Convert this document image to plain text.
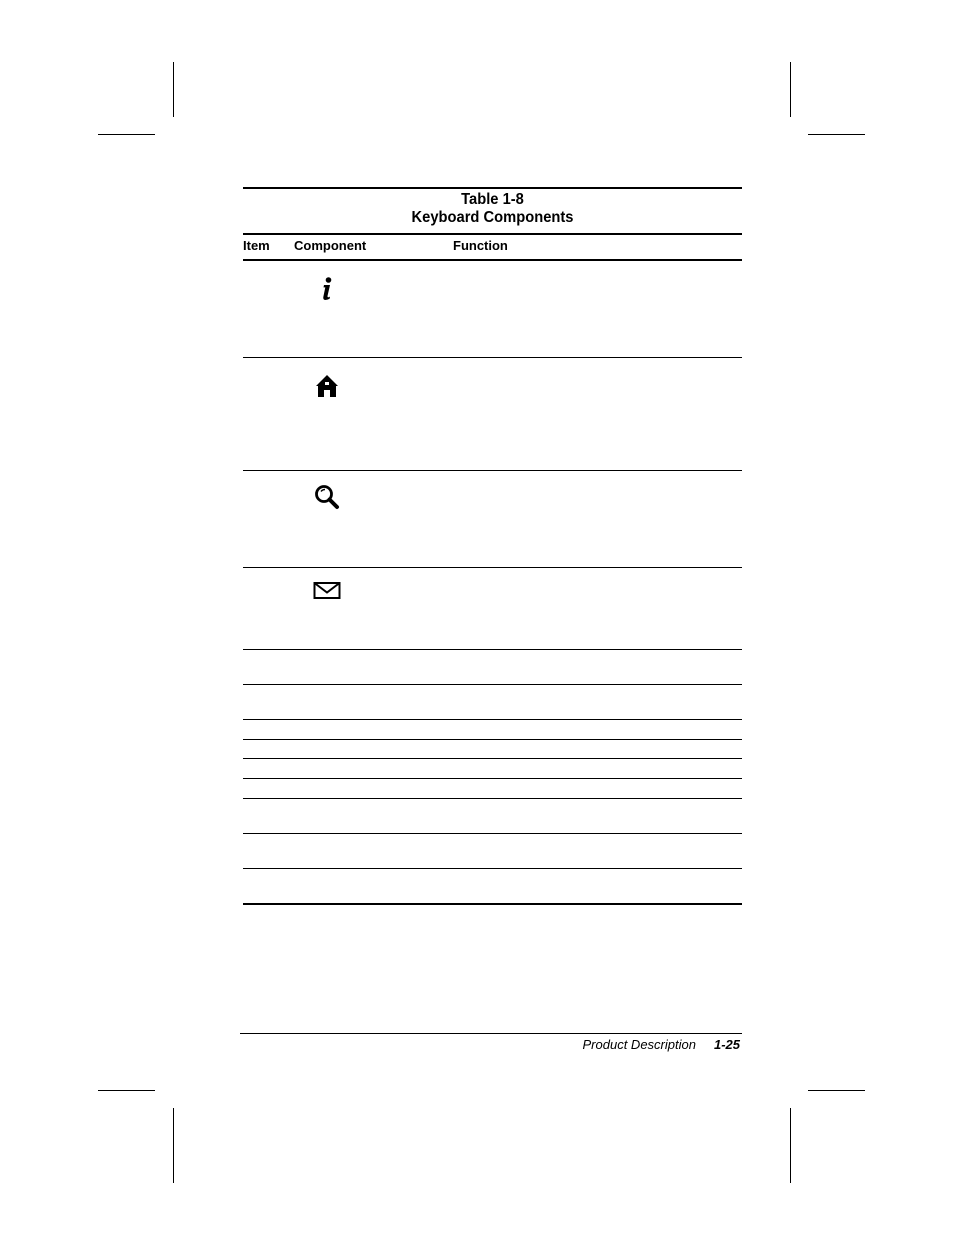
Table 1-8
Keyboard Components
Item Component	Function
Product Description 1-25
